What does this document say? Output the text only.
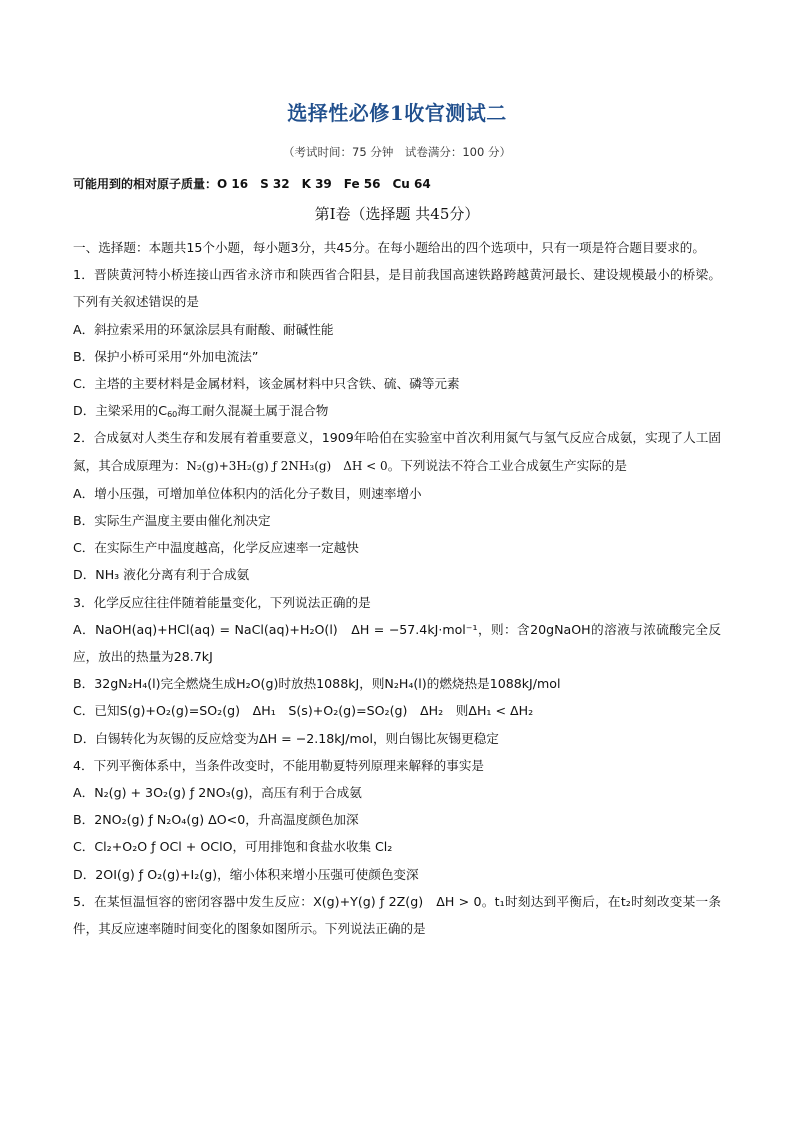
选择性必修1收官测试二
（考试时间：75 分钟　试卷满分：100 分）
可能用到的相对原子质量：O 16　S 32　K 39　Fe 56　Cu 64
第Ⅰ卷（选择题 共45分）

一、选择题：本题共15个小题，每小题3分，共45分。在每小题给出的四个选项中，只有一项是符合题目要求的。

1．晋陕黄河特小桥连接山西省永济市和陕西省合阳县，是目前我国高速铁路跨越黄河最长、建设规模最小的桥梁。下列有关叙述错误的是

A．斜拉索采用的环氯涂层具有耐酸、耐碱性能

B．保护小桥可采用“外加电流法”

C．主塔的主要材料是金属材料，该金属材料中只含铁、硫、磷等元素

D．主梁采用的$C_{60}$海工耐久混凝土属于混合物

2．合成氨对人类生存和发展有着重要意义，1909年哈伯在实验室中首次利用氮气与氢气反应合成氨，实现了人工固氮，其合成原理为：N₂(g)+3H₂(g) ƒ 2NH₃(g)　ΔH < 0。下列说法不符合工业合成氨生产实际的是

A．增小压强，可增加单位体积内的活化分子数目，则速率增小

B．实际生产温度主要由催化剂决定

C．在实际生产中温度越高，化学反应速率一定越快

D．NH₃ 液化分离有利于合成氨

3．化学反应往往伴随着能量变化，下列说法正确的是

A．NaOH(aq)+HCl(aq) = NaCl(aq)+H₂O(l)　ΔH = −57.4kJ·mol⁻¹，则：含20gNaOH的溶液与浓硫酸完全反应，放出的热量为28.7kJ

B．32gN₂H₄(l)完全燃烧生成H₂O(g)时放热1088kJ，则N₂H₄(l)的燃烧热是1088kJ/mol

C．已知S(g)+O₂(g)=SO₂(g)　ΔH₁　S(s)+O₂(g)=SO₂(g)　ΔH₂　则ΔH₁ < ΔH₂

D．白锡转化为灰锡的反应焓变为ΔH = −2.18kJ/mol，则白锡比灰锡更稳定

4．下列平衡体系中，当条件改变时，不能用勒夏特列原理来解释的事实是

A．N₂(g) + 3O₂(g) ƒ 2NO₃(g)，高压有利于合成氨

B．2NO₂(g) ƒ N₂O₄(g) ΔO<0，升高温度颜色加深

C．Cl₂+O₂O ƒ OCl + OClO，可用排饱和食盐水收集 Cl₂

D．2OI(g) ƒ O₂(g)+I₂(g)，缩小体积来增小压强可使颜色变深

5．在某恒温恒容的密闭容器中发生反应：X(g)+Y(g) ƒ 2Z(g)　ΔH > 0。t₁时刻达到平衡后，在t₂时刻改变某一条件，其反应速率随时间变化的图象如图所示。下列说法正确的是
